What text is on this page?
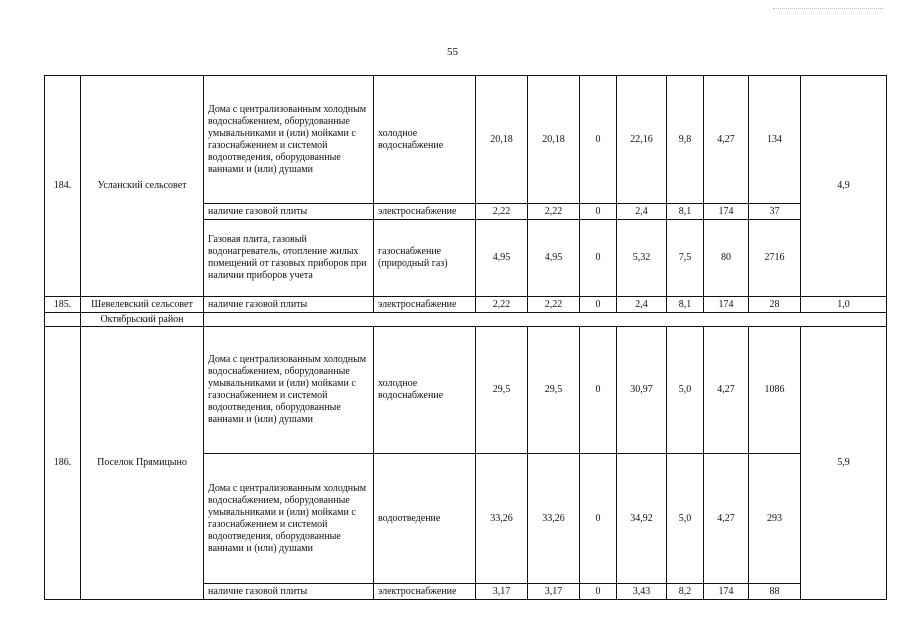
55
184.	Усланский сельсовет	Дома с централизованным холодным водоснабжением, оборудованные умывальниками и (или) мойками с газоснабжением и системой водоотведения, оборудованные ваннами и (или) душами	холодное водоснабжение	20,18	20,18	0	22,16	9,8	4,27	134	4,9
		наличие газовой плиты	электроснабжение	2,22	2,22	0	2,4	8,1	174	37	
		Газовая плита, газовый водонагреватель, отопление жилых помещений от газовых приборов при наличии приборов учета	газоснабжение (природный газ)	4,95	4,95	0	5,32	7,5	80	2716	
185.	Шевелевский сельсовет	наличие газовой плиты	электроснабжение	2,22	2,22	0	2,4	8,1	174	28	1,0
	Октябрьский район										
186.	Поселок Прямицыно	Дома с централизованным холодным водоснабжением, оборудованные умывальниками и (или) мойками с газоснабжением и системой водоотведения, оборудованные ваннами и (или) душами	холодное водоснабжение	29,5	29,5	0	30,97	5,0	4,27	1086	5,9
		Дома с централизованным холодным водоснабжением, оборудованные умывальниками и (или) мойками с газоснабжением и системой водоотведения, оборудованные ваннами и (или) душами	водоотведение	33,26	33,26	0	34,92	5,0	4,27	293	
		наличие газовой плиты	электроснабжение	3,17	3,17	0	3,43	8,2	174	88	
